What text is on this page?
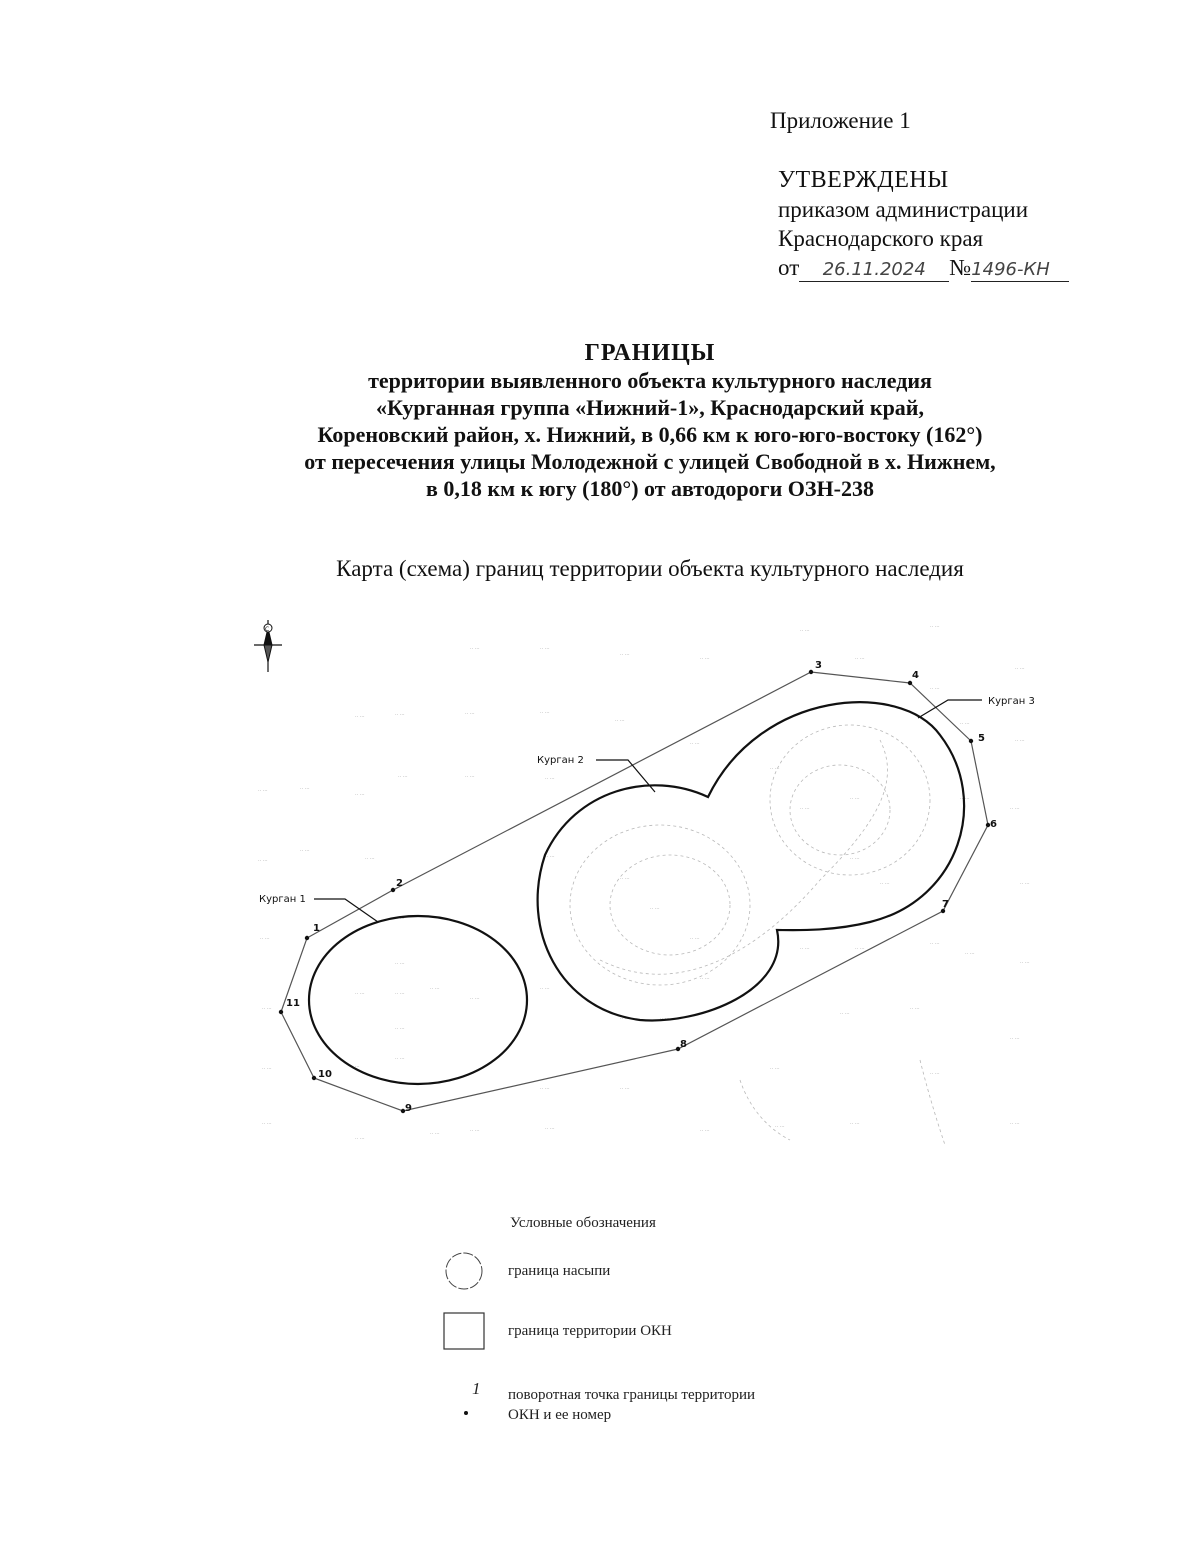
Приложение 1
УТВЕРЖДЕНЫ
приказом администрации
Краснодарского края
от 26.11.2024 №1496-КН
ГРАНИЦЫ
территории выявленного объекта культурного наследия
«Курганная группа «Нижний-1», Краснодарский край,
Кореновский район, х. Нижний, в 0,66 км к юго-юго-востоку (162°)
от пересечения улицы Молодежной с улицей Свободной в х. Нижнем,
в 0,18 км к югу (180°) от автодороги ОЗН-238
Карта (схема) границ территории объекта культурного наследия
·· ···	·· ···
·· ···
·· ···
·· ···
·· ···
·· ···	·· ···	·· ···	·· ···
·· ···
·· ···
·· ···
·· ···
·· ···
·· ···
·· ···
·· ···
·· ···	·· ···
·· ···
·· ···	·· ···	·· ···
·· ···
·· ···
·· ···
·· ···
·· ···
·· ···
·· ···
·· ···
·· ···	·· ···
·· ···
·· ···
·· ···
·· ···
·· ···	·· ···
·· ···
·· ···
·· ···
·· ···
·· ···
·· ···
·· ···
·· ···
·· ···
·· ···
·· ···
·· ···
·· ···
·· ···	·· ···
·· ···
·· ···
·· ···
·· ···
·· ···
·· ···
·· ···
·· ···
·· ···	·· ···
·· ···
·· ···
·· ···
·· ···
·· ···
·· ···
·· ···	·· ···
·· ···
·· ···
С
Курган 1
Курган 2
Курган 3
1
2
3
4
5
6
7
8
9
10
11
Условные обозначения
граница насыпи
граница территории ОКН
1 поворотная точка границы территории
ОКН и ее номер
